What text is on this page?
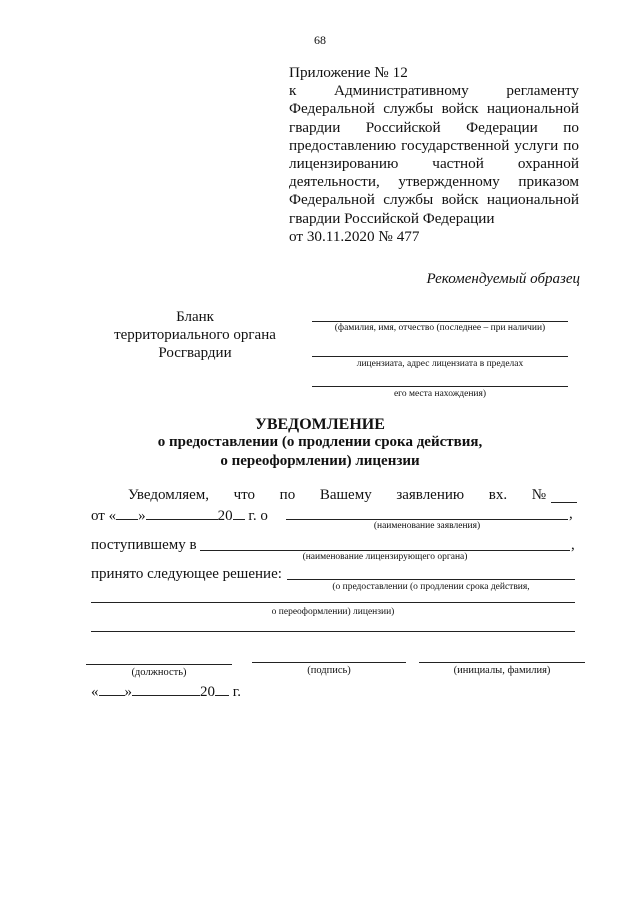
68
Приложение № 12
к Административному регламенту
Федеральной службы войск национальной
гвардии Российской Федерации по
предоставлению государственной услуги по
лицензированию частной охранной
деятельности, утвержденному приказом
Федеральной службы войск национальной
гвардии Российской Федерации
от 30.11.2020 № 477
Рекомендуемый образец
Бланк
территориального органа
Росгвардии
(фамилия, имя, отчество (последнее – при наличии)
лицензиата, адрес лицензиата в пределах
его места нахождения)
УВЕДОМЛЕНИЕ
о предоставлении (о продлении срока действия,
о переоформлении) лицензии
Уведомляем, что по Вашему заявлению вх. №
от « »	20 г. о	,
(наименование заявления)
поступившему в	,
(наименование лицензирующего органа)
принято следующее решение:
(о предоставлении (о продлении срока действия,
о переоформлении) лицензии)
(должность)	(подпись)	(инициалы, фамилия)
« »	20 г.
